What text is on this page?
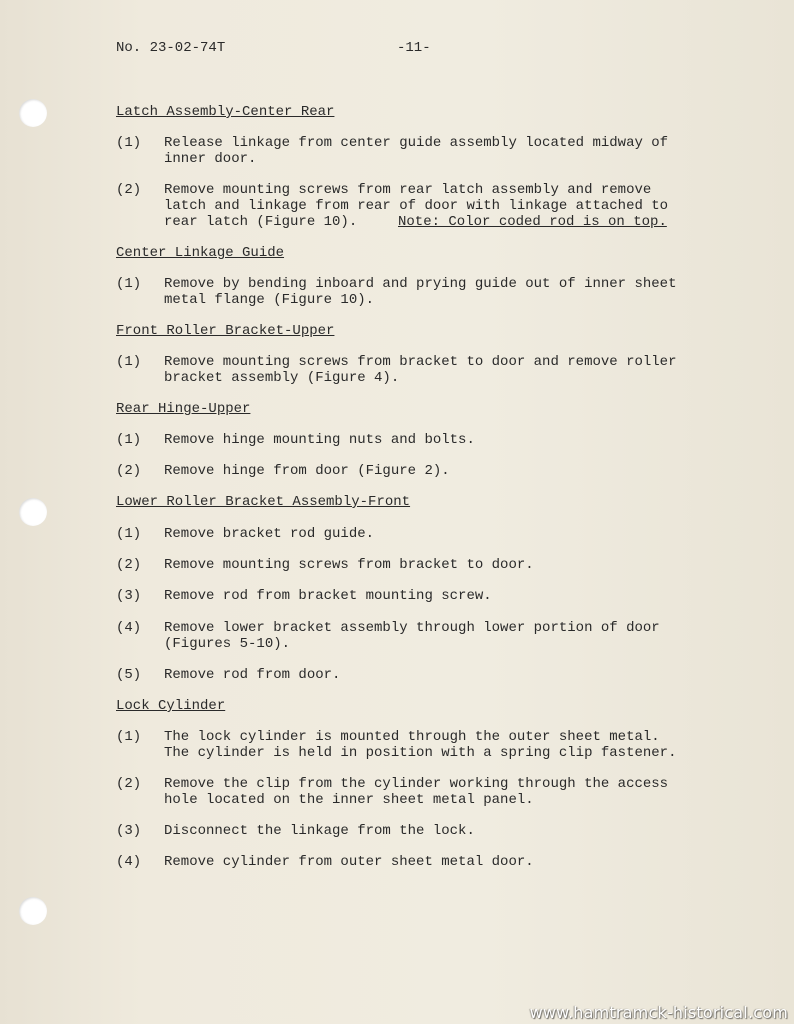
No. 23-02-74T	-11-
Latch Assembly-Center Rear
(1) Release linkage from center guide assembly located midway of
inner door.
(2) Remove mounting screws from rear latch assembly and remove
latch and linkage from rear of door with linkage attached to
rear latch (Figure 10).	Note: Color coded rod is on top.
Center Linkage Guide
(1) Remove by bending inboard and prying guide out of inner sheet
metal flange (Figure 10).
Front Roller Bracket-Upper
(1) Remove mounting screws from bracket to door and remove roller
bracket assembly (Figure 4).
Rear Hinge-Upper
(1) Remove hinge mounting nuts and bolts.
(2) Remove hinge from door (Figure 2).
Lower Roller Bracket Assembly-Front
(1) Remove bracket rod guide.
(2) Remove mounting screws from bracket to door.
(3) Remove rod from bracket mounting screw.
(4) Remove lower bracket assembly through lower portion of door
(Figures 5-10).
(5) Remove rod from door.
Lock Cylinder
(1) The lock cylinder is mounted through the outer sheet metal.
The cylinder is held in position with a spring clip fastener.
(2) Remove the clip from the cylinder working through the access
hole located on the inner sheet metal panel.
(3) Disconnect the linkage from the lock.
(4) Remove cylinder from outer sheet metal door.
www.hamtramck-historical.com
